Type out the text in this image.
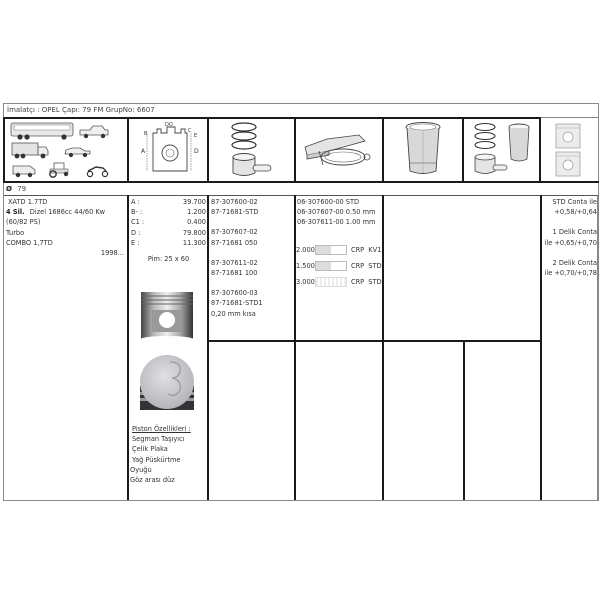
İmalatçı : OPEL Çapı: 79 FM GrupNo: 6607
A
B	C
D
E
DO
- -
- -
Ø 79
XATD 1.7TD
4 Sil. Dizel 1686cc 44/60 Kw
(60/82 PS)
Turbo
COMBO 1,7TD
1998...
A :	39.700
B- :	1.200
C1 :	0.400
D :	79.800
E :	11.300
Pim: 25 x 60
Piston Özellikleri :
Segman Taşıyıcı
Çelik Plaka
Yağ Püskürtme
Oyuğu
Göz arası düz
87-307600-02
87-71681-STD
87-307607-02
87-71681 050
87-307611-02
87-71681 100
87-307600-03
87-71681-STD1
0,20 mm kısa
06-307600-00 STD
06-307607-00 0.50 mm
06-307611-00 1.00 mm
2.000	CRP KV1
1.500	CRP STD
3.000	CRP STD
STD Conta ile
+0,58/+0,64
1 Delik Conta
ile +0,65/+0,70
2 Delik Conta
ile +0,70/+0,78
